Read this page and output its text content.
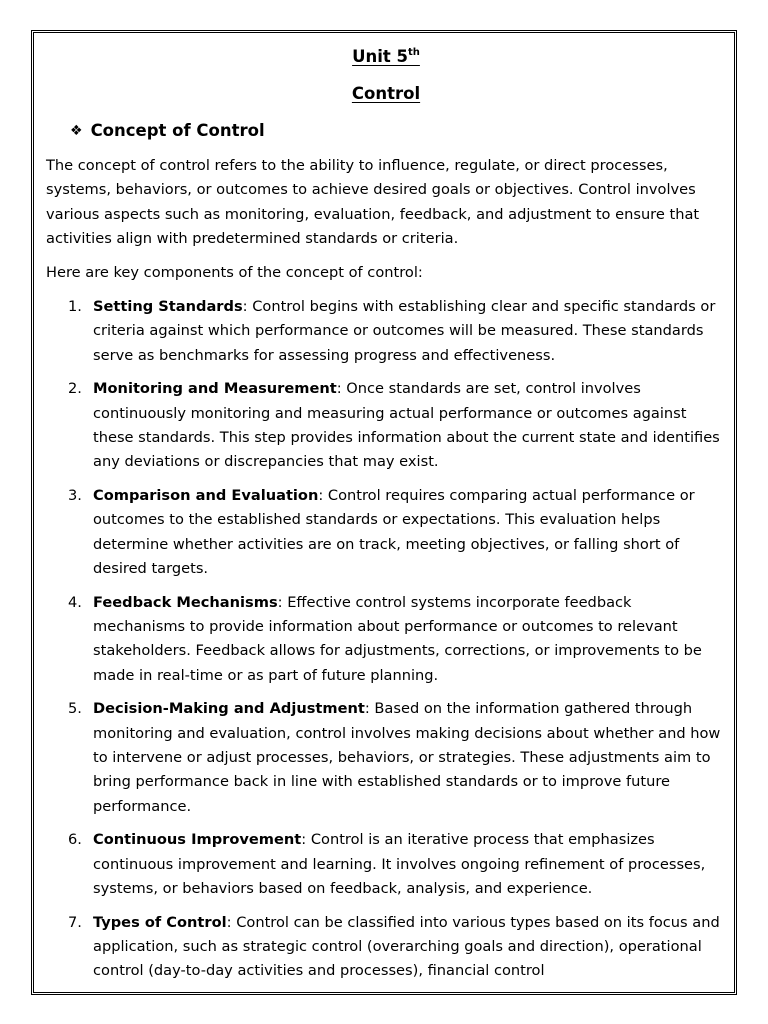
Unit 5th
Control
❖ Concept of Control
The concept of control refers to the ability to influence, regulate, or direct processes, systems, behaviors, or outcomes to achieve desired goals or objectives. Control involves various aspects such as monitoring, evaluation, feedback, and adjustment to ensure that activities align with predetermined standards or criteria.
Here are key components of the concept of control:
1. Setting Standards: Control begins with establishing clear and specific standards or criteria against which performance or outcomes will be measured. These standards serve as benchmarks for assessing progress and effectiveness.
2. Monitoring and Measurement: Once standards are set, control involves continuously monitoring and measuring actual performance or outcomes against these standards. This step provides information about the current state and identifies any deviations or discrepancies that may exist.
3. Comparison and Evaluation: Control requires comparing actual performance or outcomes to the established standards or expectations. This evaluation helps determine whether activities are on track, meeting objectives, or falling short of desired targets.
4. Feedback Mechanisms: Effective control systems incorporate feedback mechanisms to provide information about performance or outcomes to relevant stakeholders. Feedback allows for adjustments, corrections, or improvements to be made in real-time or as part of future planning.
5. Decision-Making and Adjustment: Based on the information gathered through monitoring and evaluation, control involves making decisions about whether and how to intervene or adjust processes, behaviors, or strategies. These adjustments aim to bring performance back in line with established standards or to improve future performance.
6. Continuous Improvement: Control is an iterative process that emphasizes continuous improvement and learning. It involves ongoing refinement of processes, systems, or behaviors based on feedback, analysis, and experience.
7. Types of Control: Control can be classified into various types based on its focus and application, such as strategic control (overarching goals and direction), operational control (day-to-day activities and processes), financial control
